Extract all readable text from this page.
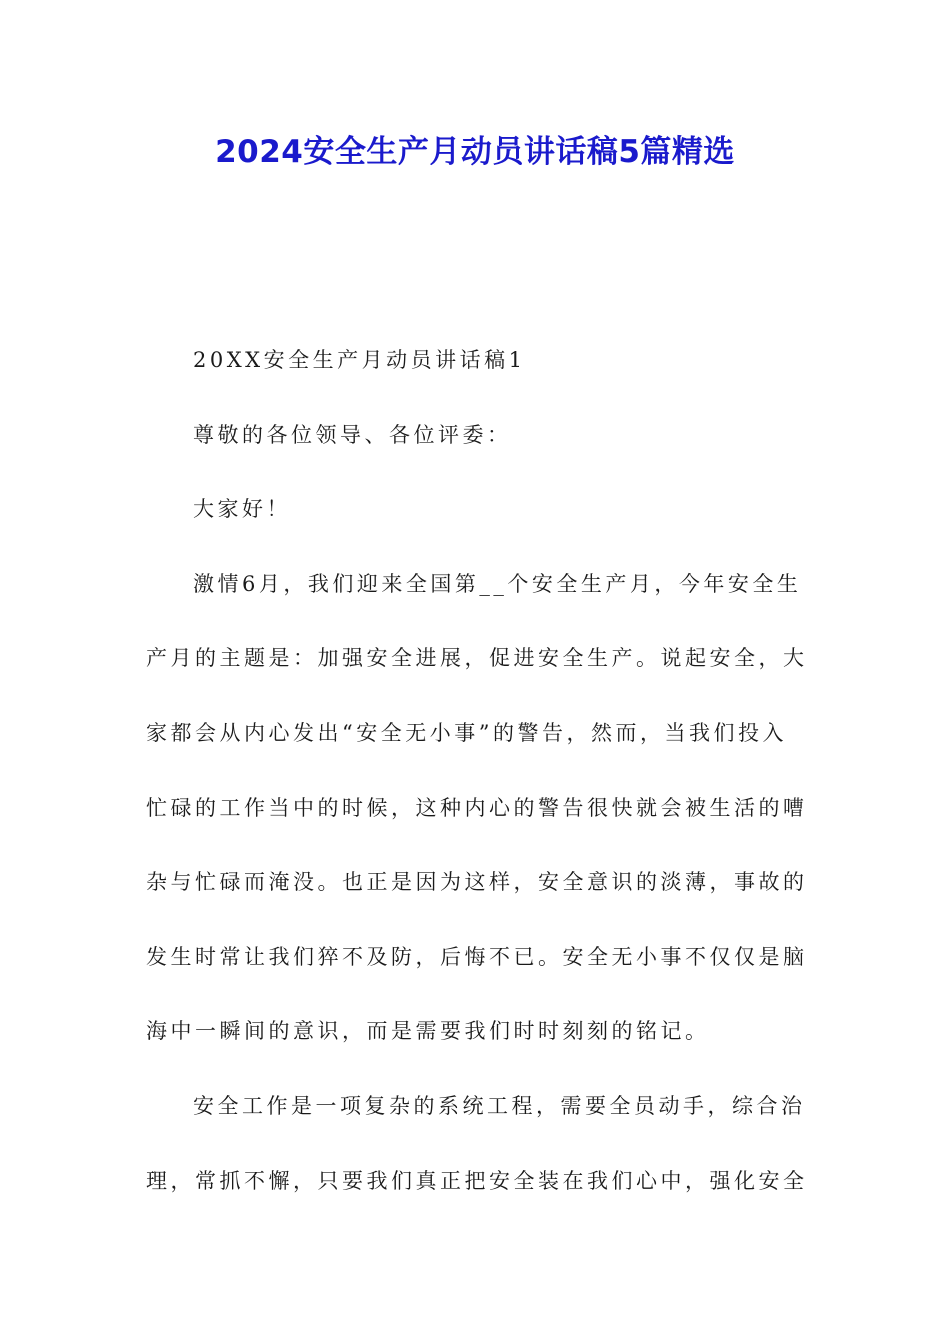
2024安全生产月动员讲话稿5篇精选
20XX安全生产月动员讲话稿1
尊敬的各位领导、各位评委：
大家好！
激情6月，我们迎来全国第__个安全生产月，今年安全生
产月的主题是：加强安全进展，促进安全生产。说起安全，大
家都会从内心发出“安全无小事”的警告，然而，当我们投入
忙碌的工作当中的时候，这种内心的警告很快就会被生活的嘈
杂与忙碌而淹没。也正是因为这样，安全意识的淡薄，事故的
发生时常让我们猝不及防，后悔不已。安全无小事不仅仅是脑
海中一瞬间的意识，而是需要我们时时刻刻的铭记。
安全工作是一项复杂的系统工程，需要全员动手，综合治
理，常抓不懈，只要我们真正把安全装在我们心中，强化安全
